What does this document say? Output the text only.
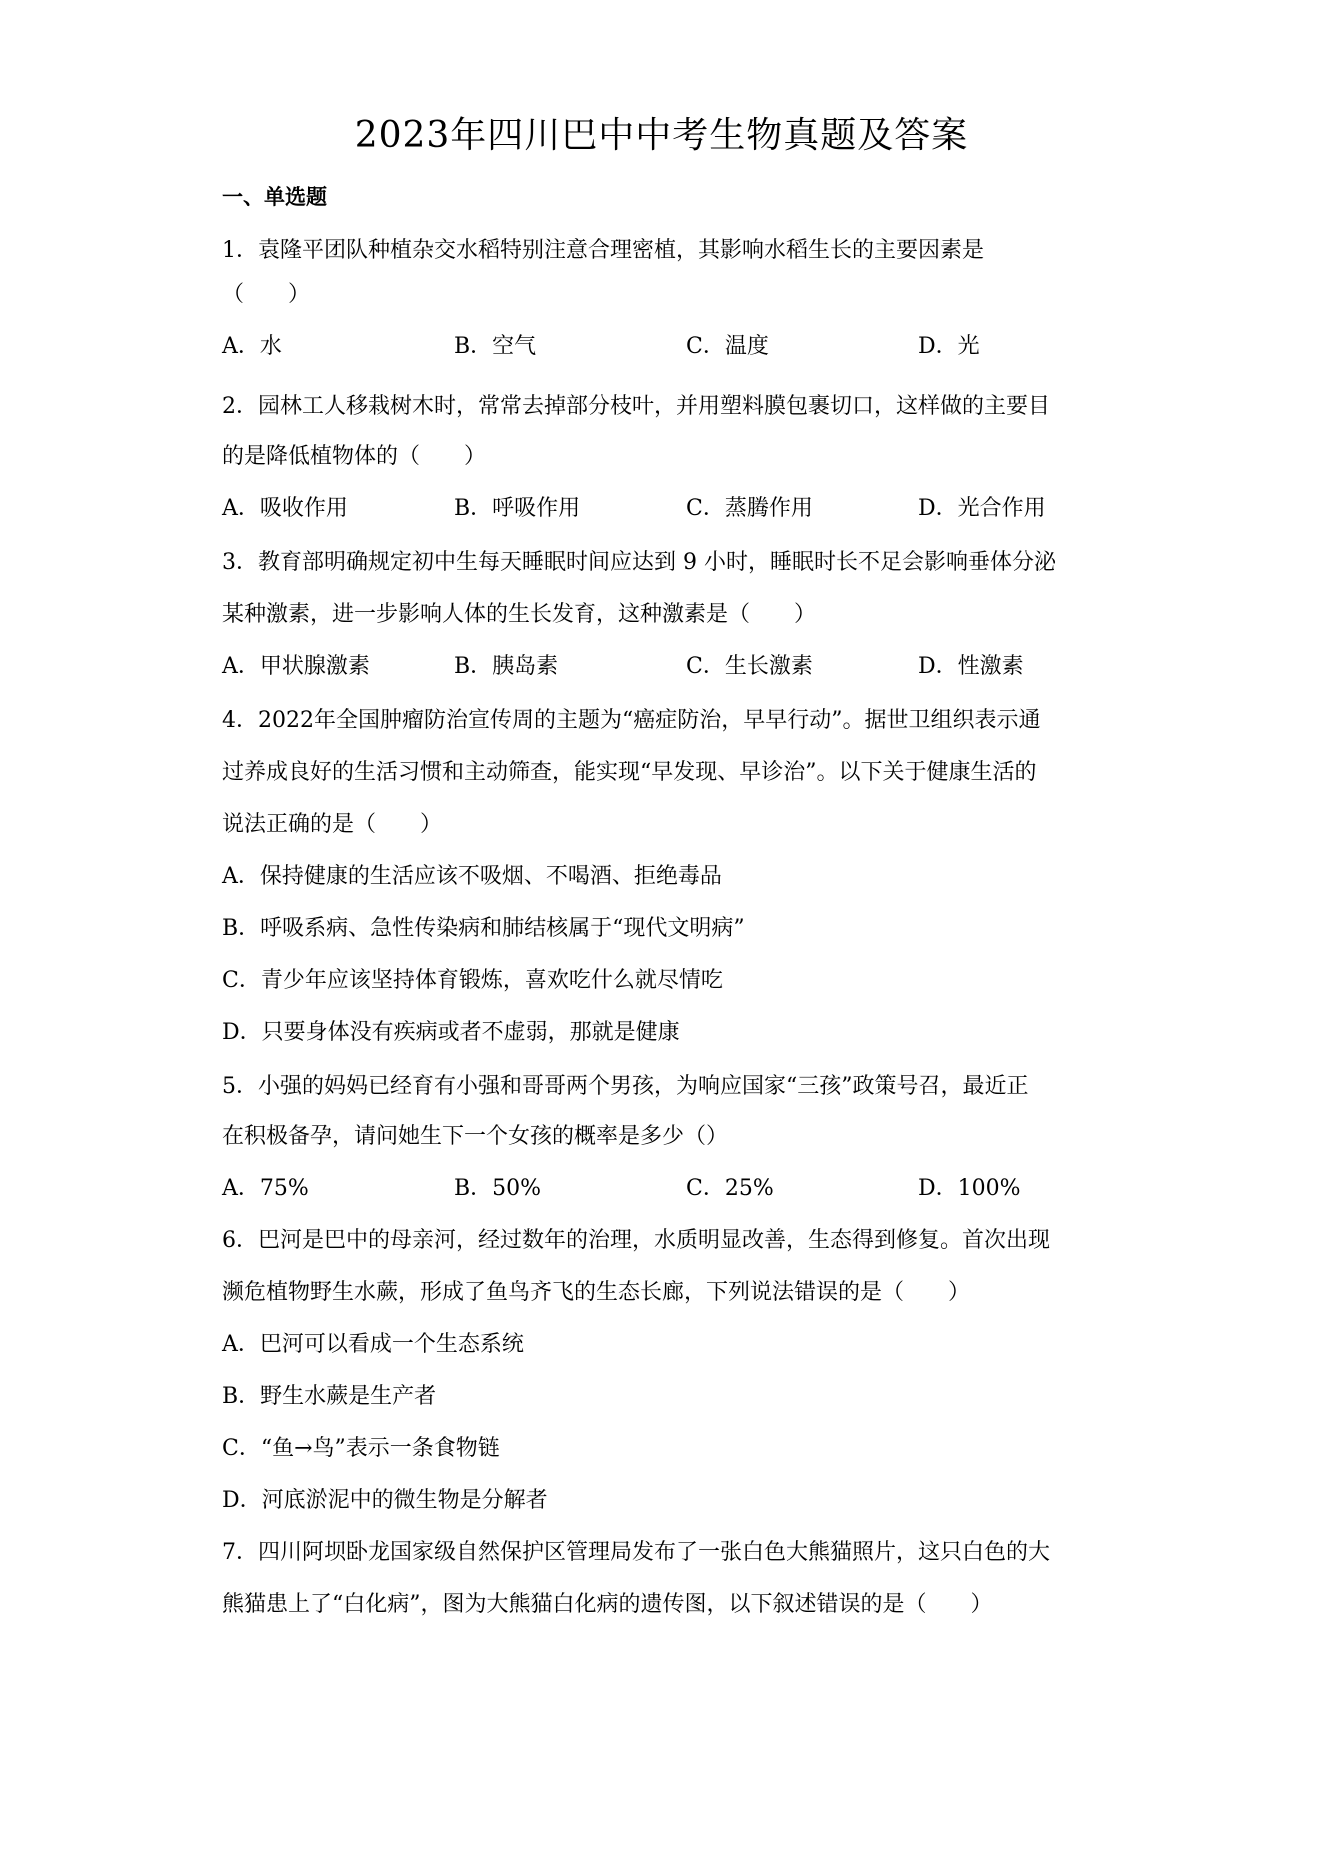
2023年四川巴中中考生物真题及答案
一、单选题
1．袁隆平团队种植杂交水稻特别注意合理密植，其影响水稻生长的主要因素是
（　　）
A．水	B．空气	C．温度	D．光
2．园林工人移栽树木时，常常去掉部分枝叶，并用塑料膜包裹切口，这样做的主要目
的是降低植物体的（　　）
A．吸收作用	B．呼吸作用	C．蒸腾作用	D．光合作用
3．教育部明确规定初中生每天睡眠时间应达到 9 小时，睡眠时长不足会影响垂体分泌
某种激素，进一步影响人体的生长发育，这种激素是（　　）
A．甲状腺激素	B．胰岛素	C．生长激素	D．性激素
4．2022年全国肿瘤防治宣传周的主题为“癌症防治，早早行动”。据世卫组织表示通
过养成良好的生活习惯和主动筛查，能实现“早发现、早诊治”。以下关于健康生活的
说法正确的是（　　）
A．保持健康的生活应该不吸烟、不喝酒、拒绝毒品
B．呼吸系病、急性传染病和肺结核属于“现代文明病”
C．青少年应该坚持体育锻炼，喜欢吃什么就尽情吃
D．只要身体没有疾病或者不虚弱，那就是健康
5．小强的妈妈已经育有小强和哥哥两个男孩，为响应国家“三孩”政策号召，最近正
在积极备孕，请问她生下一个女孩的概率是多少（）
A．75%	B．50%	C．25%	D．100%
6．巴河是巴中的母亲河，经过数年的治理，水质明显改善，生态得到修复。首次出现
濒危植物野生水蕨，形成了鱼鸟齐飞的生态长廊，下列说法错误的是（　　）
A．巴河可以看成一个生态系统
B．野生水蕨是生产者
C．“鱼→鸟”表示一条食物链
D．河底淤泥中的微生物是分解者
7．四川阿坝卧龙国家级自然保护区管理局发布了一张白色大熊猫照片，这只白色的大
熊猫患上了“白化病”，图为大熊猫白化病的遗传图，以下叙述错误的是（　　）
